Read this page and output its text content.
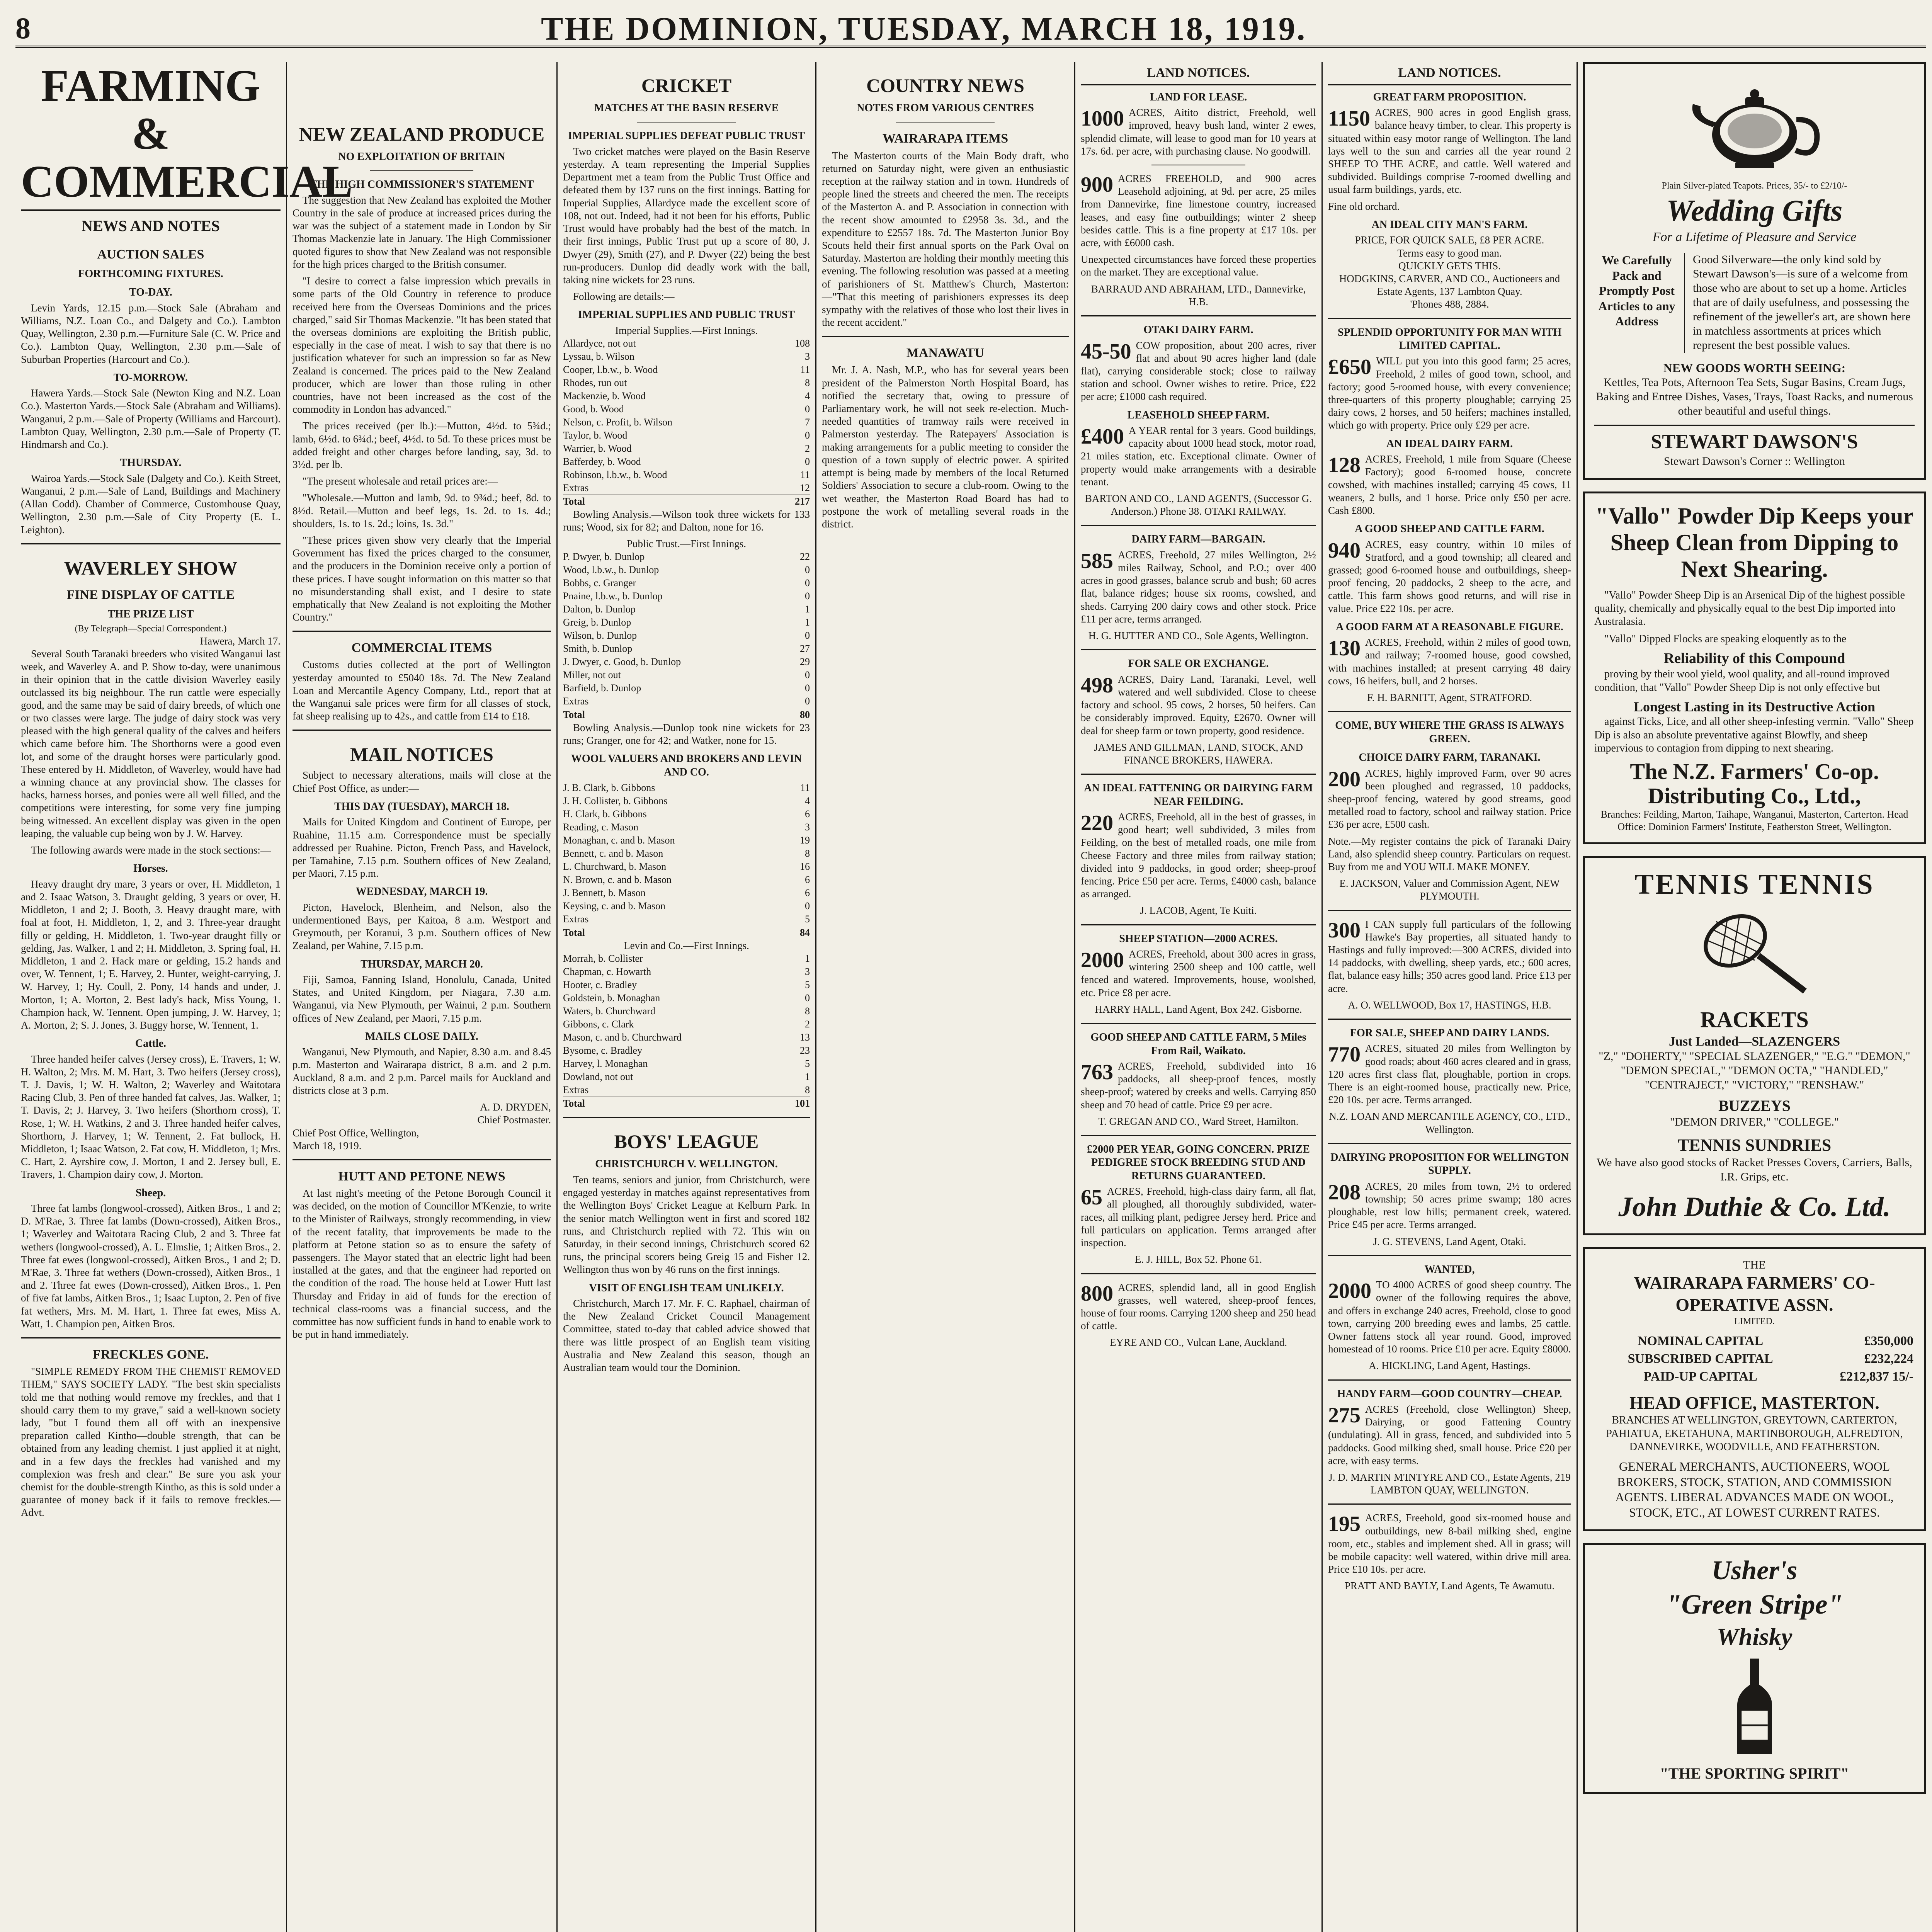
8	THE DOMINION, TUESDAY, MARCH 18, 1919.
FARMING & COMMERCIAL
NEWS AND NOTES
AUCTION SALES
FORTHCOMING FIXTURES.
TO-DAY.

Levin Yards, 12.15 p.m.—Stock Sale (Abraham and Williams, N.Z. Loan Co., and Dalgety and Co.). Lambton Quay, Wellington, 2.30 p.m.—Furniture Sale (C. W. Price and Co.). Lambton Quay, Wellington, 2.30 p.m.—Sale of Suburban Properties (Harcourt and Co.).

TO-MORROW.

Hawera Yards.—Stock Sale (Newton King and N.Z. Loan Co.). Masterton Yards.—Stock Sale (Abraham and Williams). Wanganui, 2 p.m.—Sale of Property (Williams and Harcourt). Lambton Quay, Wellington, 2.30 p.m.—Sale of Property (T. Hindmarsh and Co.).

THURSDAY.

Wairoa Yards.—Stock Sale (Dalgety and Co.). Keith Street, Wanganui, 2 p.m.—Sale of Land, Buildings and Machinery (Allan Codd). Chamber of Commerce, Customhouse Quay, Wellington, 2.30 p.m.—Sale of City Property (E. L. Leighton).

WAVERLEY SHOW
FINE DISPLAY OF CATTLE
THE PRIZE LIST
(By Telegraph—Special Correspondent.)
Hawera, March 17.

Several South Taranaki breeders who visited Wanganui last week, and Waverley A. and P. Show to-day, were unanimous in their opinion that in the cattle division Waverley easily outclassed its big neighbour. The run cattle were especially good, and the same may be said of dairy breeds, of which one or two classes were large. The judge of dairy stock was very pleased with the high general quality of the calves and heifers which came before him. The Shorthorns were a good even lot, and some of the draught horses were particularly good. These entered by H. Middleton, of Waverley, would have had a winning chance at any provincial show. The classes for hacks, harness horses, and ponies were all well filled, and the competitions were interesting, for some very fine jumping being witnessed. An excellent display was given in the open leaping, the valuable cup being won by J. W. Harvey.

The following awards were made in the stock sections:—

Horses.

Heavy draught dry mare, 3 years or over, H. Middleton, 1 and 2. Isaac Watson, 3. Draught gelding, 3 years or over, H. Middleton, 1 and 2; J. Booth, 3. Heavy draught mare, with foal at foot, H. Middleton, 1, 2, and 3. Three-year draught filly or gelding, H. Middleton, 1. Two-year draught filly or gelding, Jas. Walker, 1 and 2; H. Middleton, 3. Spring foal, H. Middleton, 1 and 2. Hack mare or gelding, 15.2 hands and over, W. Tennent, 1; E. Harvey, 2. Hunter, weight-carrying, J. W. Harvey, 1; Hy. Coull, 2. Pony, 14 hands and under, J. Morton, 1; A. Morton, 2. Best lady's hack, Miss Young, 1. Champion hack, W. Tennent. Open jumping, J. W. Harvey, 1; A. Morton, 2; S. J. Jones, 3. Buggy horse, W. Tennent, 1.

Cattle.

Three handed heifer calves (Jersey cross), E. Travers, 1; W. H. Walton, 2; Mrs. M. M. Hart, 3. Two heifers (Jersey cross), T. J. Davis, 1; W. H. Walton, 2; Waverley and Waitotara Racing Club, 3. Pen of three handed fat calves, Jas. Walker, 1; T. Davis, 2; J. Harvey, 3. Two heifers (Shorthorn cross), T. Rose, 1; W. H. Watkins, 2 and 3. Three handed heifer calves, Shorthorn, J. Harvey, 1; W. Tennent, 2. Fat bullock, H. Middleton, 1; Isaac Watson, 2. Fat cow, H. Middleton, 1; Mrs. C. Hart, 2. Ayrshire cow, J. Morton, 1 and 2. Jersey bull, E. Travers, 1. Champion dairy cow, J. Morton.

Sheep.

Three fat lambs (longwool-crossed), Aitken Bros., 1 and 2; D. M'Rae, 3. Three fat lambs (Down-crossed), Aitken Bros., 1; Waverley and Waitotara Racing Club, 2 and 3. Three fat wethers (longwool-crossed), A. L. Elmslie, 1; Aitken Bros., 2. Three fat ewes (longwool-crossed), Aitken Bros., 1 and 2; D. M'Rae, 3. Three fat wethers (Down-crossed), Aitken Bros., 1 and 2. Three fat ewes (Down-crossed), Aitken Bros., 1. Pen of five fat lambs, Aitken Bros., 1; Isaac Lupton, 2. Pen of five fat wethers, Mrs. M. M. Hart, 1. Three fat ewes, Miss A. Watt, 1. Champion pen, Aitken Bros.

FRECKLES GONE.

"SIMPLE REMEDY FROM THE CHEMIST REMOVED THEM," SAYS SOCIETY LADY. "The best skin specialists told me that nothing would remove my freckles, and that I should carry them to my grave," said a well-known society lady, "but I found them all off with an inexpensive preparation called Kintho—double strength, that can be obtained from any leading chemist. I just applied it at night, and in a few days the freckles had vanished and my complexion was fresh and clear." Be sure you ask your chemist for the double-strength Kintho, as this is sold under a guarantee of money back if it fails to remove freckles.—Advt.

NEW ZEALAND PRODUCE
NO EXPLOITATION OF BRITAIN
THE HIGH COMMISSIONER'S STATEMENT

The suggestion that New Zealand has exploited the Mother Country in the sale of produce at increased prices during the war was the subject of a statement made in London by Sir Thomas Mackenzie late in January. The High Commissioner quoted figures to show that New Zealand was not responsible for the high prices charged to the British consumer.

"I desire to correct a false impression which prevails in some parts of the Old Country in reference to produce received here from the Overseas Dominions and the prices charged," said Sir Thomas Mackenzie. "It has been stated that the overseas dominions are exploiting the British public, especially in the case of meat. I wish to say that there is no justification whatever for such an impression so far as New Zealand is concerned. The prices paid to the New Zealand producer, which are lower than those ruling in other countries, have not been increased as the cost of the commodity in London has advanced."

The prices received (per lb.):—Mutton, 4½d. to 5¾d.; lamb, 6½d. to 6¾d.; beef, 4½d. to 5d. To these prices must be added freight and other charges before landing, say, 3d. to 3½d. per lb.

"The present wholesale and retail prices are:—

"Wholesale.—Mutton and lamb, 9d. to 9¾d.; beef, 8d. to 8½d. Retail.—Mutton and beef legs, 1s. 2d. to 1s. 4d.; shoulders, 1s. to 1s. 2d.; loins, 1s. 3d."

"These prices given show very clearly that the Imperial Government has fixed the prices charged to the consumer, and the producers in the Dominion receive only a portion of these prices. I have sought information on this matter so that no misunderstanding shall exist, and I desire to state emphatically that New Zealand is not exploiting the Mother Country."

COMMERCIAL ITEMS

Customs duties collected at the port of Wellington yesterday amounted to £5040 18s. 7d. The New Zealand Loan and Mercantile Agency Company, Ltd., report that at the Wanganui sale prices were firm for all classes of stock, fat sheep realising up to 42s., and cattle from £14 to £18.

MAIL NOTICES

Subject to necessary alterations, mails will close at the Chief Post Office, as under:—

THIS DAY (TUESDAY), MARCH 18.

Mails for United Kingdom and Continent of Europe, per Ruahine, 11.15 a.m. Correspondence must be specially addressed per Ruahine. Picton, French Pass, and Havelock, per Tamahine, 7.15 p.m. Southern offices of New Zealand, per Maori, 7.15 p.m.

WEDNESDAY, MARCH 19.

Picton, Havelock, Blenheim, and Nelson, also the undermentioned Bays, per Kaitoa, 8 a.m. Westport and Greymouth, per Koranui, 3 p.m. Southern offices of New Zealand, per Wahine, 7.15 p.m.

THURSDAY, MARCH 20.

Fiji, Samoa, Fanning Island, Honolulu, Canada, United States, and United Kingdom, per Niagara, 7.30 a.m. Wanganui, via New Plymouth, per Wainui, 2 p.m. Southern offices of New Zealand, per Maori, 7.15 p.m.

MAILS CLOSE DAILY.

Wanganui, New Plymouth, and Napier, 8.30 a.m. and 8.45 p.m. Masterton and Wairarapa district, 8 a.m. and 2 p.m. Auckland, 8 a.m. and 2 p.m. Parcel mails for Auckland and districts close at 3 p.m.

A. D. DRYDEN,
Chief Postmaster.
Chief Post Office, Wellington,
March 18, 1919.
HUTT AND PETONE NEWS

At last night's meeting of the Petone Borough Council it was decided, on the motion of Councillor M'Kenzie, to write to the Minister of Railways, strongly recommending, in view of the recent fatality, that improvements be made to the platform at Petone station so as to ensure the safety of passengers. The Mayor stated that an electric light had been installed at the gates, and that the engineer had reported on the condition of the road. The house held at Lower Hutt last Thursday and Friday in aid of funds for the erection of technical class-rooms was a financial success, and the committee has now sufficient funds in hand to enable work to be put in hand immediately.

CRICKET
MATCHES AT THE BASIN RESERVE
IMPERIAL SUPPLIES DEFEAT PUBLIC TRUST

Two cricket matches were played on the Basin Reserve yesterday. A team representing the Imperial Supplies Department met a team from the Public Trust Office and defeated them by 137 runs on the first innings. Batting for Imperial Supplies, Allardyce made the excellent score of 108, not out. Indeed, had it not been for his efforts, Public Trust would have probably had the best of the match. In their first innings, Public Trust put up a score of 80, J. Dwyer (29), Smith (27), and P. Dwyer (22) being the best run-producers. Dunlop did deadly work with the ball, taking nine wickets for 23 runs.

Following are details:—

IMPERIAL SUPPLIES AND PUBLIC TRUST
Imperial Supplies.—First Innings.
Allardyce, not out	108
Lyssau, b. Wilson	3
Cooper, l.b.w., b. Wood	11
Rhodes, run out	8
Mackenzie, b. Wood	4
Good, b. Wood	0
Nelson, c. Profit, b. Wilson	7
Taylor, b. Wood	0
Warrier, b. Wood	2
Bafferdey, b. Wood	0
Robinson, l.b.w., b. Wood	11
Extras	12
Total	217

Bowling Analysis.—Wilson took three wickets for 133 runs; Wood, six for 82; and Dalton, none for 16.

Public Trust.—First Innings.
P. Dwyer, b. Dunlop	22
Wood, l.b.w., b. Dunlop	0
Bobbs, c. Granger	0
Pnaine, l.b.w., b. Dunlop	0
Dalton, b. Dunlop	1
Greig, b. Dunlop	1
Wilson, b. Dunlop	0
Smith, b. Dunlop	27
J. Dwyer, c. Good, b. Dunlop	29
Miller, not out	0
Barfield, b. Dunlop	0
Extras	0
Total	80

Bowling Analysis.—Dunlop took nine wickets for 23 runs; Granger, one for 42; and Watker, none for 15.

WOOL VALUERS AND BROKERS AND LEVIN AND CO.
J. B. Clark, b. Gibbons	11
J. H. Collister, b. Gibbons	4
H. Clark, b. Gibbons	6
Reading, c. Mason	3
Monaghan, c. and b. Mason	19
Bennett, c. and b. Mason	8
L. Churchward, b. Mason	16
N. Brown, c. and b. Mason	6
J. Bennett, b. Mason	6
Keysing, c. and b. Mason	0
Extras	5
Total	84
Levin and Co.—First Innings.
Morrah, b. Collister	1
Chapman, c. Howarth	3
Hooter, c. Bradley	5
Goldstein, b. Monaghan	0
Waters, b. Churchward	8
Gibbons, c. Clark	2
Mason, c. and b. Churchward	13
Bysome, c. Bradley	23
Harvey, l. Monaghan	5
Dowland, not out	1
Extras	8
Total	101
BOYS' LEAGUE
CHRISTCHURCH V. WELLINGTON.

Ten teams, seniors and junior, from Christchurch, were engaged yesterday in matches against representatives from the Wellington Boys' Cricket League at Kelburn Park. In the senior match Wellington went in first and scored 182 runs, and Christchurch replied with 72. This win on Saturday, in their second innings, Christchurch scored 62 runs, the principal scorers being Greig 15 and Fisher 12. Wellington thus won by 46 runs on the first innings.

VISIT OF ENGLISH TEAM UNLIKELY.

Christchurch, March 17. Mr. F. C. Raphael, chairman of the New Zealand Cricket Council Management Committee, stated to-day that cabled advice showed that there was little prospect of an English team visiting Australia and New Zealand this season, though an Australian team would tour the Dominion.

COUNTRY NEWS
NOTES FROM VARIOUS CENTRES
WAIRARAPA ITEMS

The Masterton courts of the Main Body draft, who returned on Saturday night, were given an enthusiastic reception at the railway station and in town. Hundreds of people lined the streets and cheered the men. The receipts of the Masterton A. and P. Association in connection with the recent show amounted to £2958 3s. 3d., and the expenditure to £2557 18s. 7d. The Masterton Junior Boy Scouts held their first annual sports on the Park Oval on Saturday. Masterton are holding their monthly meeting this evening. The following resolution was passed at a meeting of parishioners of St. Matthew's Church, Masterton:—"That this meeting of parishioners expresses its deep sympathy with the relatives of those who lost their lives in the recent accident."

MANAWATU

Mr. J. A. Nash, M.P., who has for several years been president of the Palmerston North Hospital Board, has notified the secretary that, owing to pressure of Parliamentary work, he will not seek re-election. Much-needed quantities of tramway rails were received in Palmerston yesterday. The Ratepayers' Association is making arrangements for a public meeting to consider the question of a town supply of electric power. A spirited attempt is being made by members of the local Returned Soldiers' Association to secure a club-room. Owing to the wet weather, the Masterton Road Board has had to postpone the work of metalling several roads in the district.

LAND NOTICES.
LAND FOR LEASE.

1000 ACRES, Aitito district, Freehold, well improved, heavy bush land, winter 2 ewes, splendid climate, will lease to good man for 10 years at 17s. 6d. per acre, with purchasing clause. No goodwill.

900 ACRES FREEHOLD, and 900 acres Leasehold adjoining, at 9d. per acre, 25 miles from Dannevirke, fine limestone country, increased leases, and easy fine outbuildings; winter 2 sheep besides cattle. This is a fine property at £17 10s. per acre, with £6000 cash.

Unexpected circumstances have forced these properties on the market. They are exceptional value.

BARRAUD AND ABRAHAM, LTD., Dannevirke, H.B.
OTAKI DAIRY FARM.

45-50 COW proposition, about 200 acres, river flat and about 90 acres higher land (dale flat), carrying considerable stock; close to railway station and school. Owner wishes to retire. Price, £22 per acre; £1000 cash required.

LEASEHOLD SHEEP FARM.

£400 A YEAR rental for 3 years. Good buildings, capacity about 1000 head stock, motor road, 21 miles station, etc. Exceptional climate. Owner of property would make arrangements with a desirable tenant.

BARTON AND CO., LAND AGENTS, (Successor G. Anderson.) Phone 38. OTAKI RAILWAY.
DAIRY FARM—BARGAIN.

585 ACRES, Freehold, 27 miles Wellington, 2½ miles Railway, School, and P.O.; over 400 acres in good grasses, balance scrub and bush; 60 acres flat, balance ridges; house six rooms, cowshed, and sheds. Carrying 200 dairy cows and other stock. Price £11 per acre, terms arranged.

H. G. HUTTER AND CO., Sole Agents, Wellington.
FOR SALE OR EXCHANGE.

498 ACRES, Dairy Land, Taranaki, Level, well watered and well subdivided. Close to cheese factory and school. 95 cows, 2 horses, 50 heifers. Can be considerably improved. Equity, £2670. Owner will deal for sheep farm or town property, good residence.

JAMES AND GILLMAN, LAND, STOCK, AND FINANCE BROKERS, HAWERA.
AN IDEAL FATTENING OR DAIRYING FARM NEAR FEILDING.

220 ACRES, Freehold, all in the best of grasses, in good heart; well subdivided, 3 miles from Feilding, on the best of metalled roads, one mile from Cheese Factory and three miles from railway station; divided into 9 paddocks, in good order; sheep-proof fencing. Price £50 per acre. Terms, £4000 cash, balance as arranged.

J. LACOB, Agent, Te Kuiti.
SHEEP STATION—2000 ACRES.

2000 ACRES, Freehold, about 300 acres in grass, wintering 2500 sheep and 100 cattle, well fenced and watered. Improvements, house, woolshed, etc. Price £8 per acre.

HARRY HALL, Land Agent, Box 242. Gisborne.
GOOD SHEEP AND CATTLE FARM, 5 Miles From Rail, Waikato.

763 ACRES, Freehold, subdivided into 16 paddocks, all sheep-proof fences, mostly sheep-proof; watered by creeks and wells. Carrying 850 sheep and 70 head of cattle. Price £9 per acre.

T. GREGAN AND CO., Ward Street, Hamilton.
£2000 PER YEAR, GOING CONCERN. PRIZE PEDIGREE STOCK BREEDING STUD AND RETURNS GUARANTEED.

65 ACRES, Freehold, high-class dairy farm, all flat, all ploughed, all thoroughly subdivided, water-races, all milking plant, pedigree Jersey herd. Price and full particulars on application. Terms arranged after inspection.

E. J. HILL, Box 52. Phone 61.

800 ACRES, splendid land, all in good English grasses, well watered, sheep-proof fences, house of four rooms. Carrying 1200 sheep and 250 head of cattle.

EYRE AND CO., Vulcan Lane, Auckland.
LAND NOTICES.
GREAT FARM PROPOSITION.

1150 ACRES, 900 acres in good English grass, balance heavy timber, to clear. This property is situated within easy motor range of Wellington. The land lays well to the sun and carries all the year round 2 SHEEP TO THE ACRE, and cattle. Well watered and subdivided. Buildings comprise 7-roomed dwelling and usual farm buildings, yards, etc.

Fine old orchard.

AN IDEAL CITY MAN'S FARM.
PRICE, FOR QUICK SALE, £8 PER ACRE.
Terms easy to good man.
QUICKLY GETS THIS.
HODGKINS, CARVER, AND CO., Auctioneers and Estate Agents, 137 Lambton Quay.
'Phones 488, 2884.
SPLENDID OPPORTUNITY FOR MAN WITH LIMITED CAPITAL.

£650 WILL put you into this good farm; 25 acres, Freehold, 2 miles of good town, school, and factory; good 5-roomed house, with every convenience; three-quarters of this property ploughable; carrying 25 dairy cows, 2 horses, and 50 heifers; machines installed, which go with property. Price only £29 per acre.

AN IDEAL DAIRY FARM.

128 ACRES, Freehold, 1 mile from Square (Cheese Factory); good 6-roomed house, concrete cowshed, with machines installed; carrying 45 cows, 11 weaners, 2 bulls, and 1 horse. Price only £50 per acre. Cash £800.

A GOOD SHEEP AND CATTLE FARM.

940 ACRES, easy country, within 10 miles of Stratford, and a good township; all cleared and grassed; good 6-roomed house and outbuildings, sheep-proof fencing, 20 paddocks, 2 sheep to the acre, and cattle. This farm shows good returns, and will rise in value. Price £22 10s. per acre.

A GOOD FARM AT A REASONABLE FIGURE.

130 ACRES, Freehold, within 2 miles of good town, and railway; 7-roomed house, good cowshed, with machines installed; at present carrying 48 dairy cows, 16 heifers, bull, and 2 horses.

F. H. BARNITT, Agent, STRATFORD.
COME, BUY WHERE THE GRASS IS ALWAYS GREEN.
CHOICE DAIRY FARM, TARANAKI.

200 ACRES, highly improved Farm, over 90 acres been ploughed and regrassed, 10 paddocks, sheep-proof fencing, watered by good streams, good metalled road to factory, school and railway station. Price £36 per acre, £500 cash.

Note.—My register contains the pick of Taranaki Dairy Land, also splendid sheep country. Particulars on request. Buy from me and YOU WILL MAKE MONEY.

E. JACKSON, Valuer and Commission Agent, NEW PLYMOUTH.

300 I CAN supply full particulars of the following Hawke's Bay properties, all situated handy to Hastings and fully improved:—300 ACRES, divided into 14 paddocks, with dwelling, sheep yards, etc.; 600 acres, flat, balance easy hills; 350 acres good land. Price £13 per acre.

A. O. WELLWOOD, Box 17, HASTINGS, H.B.
FOR SALE, SHEEP AND DAIRY LANDS.

770 ACRES, situated 20 miles from Wellington by good roads; about 460 acres cleared and in grass, 120 acres first class flat, ploughable, portion in crops. There is an eight-roomed house, practically new. Price, £20 10s. per acre. Terms arranged.

N.Z. LOAN AND MERCANTILE AGENCY, CO., LTD., Wellington.
DAIRYING PROPOSITION FOR WELLINGTON SUPPLY.

208 ACRES, 20 miles from town, 2½ to ordered township; 50 acres prime swamp; 180 acres ploughable, rest low hills; permanent creek, watered. Price £45 per acre. Terms arranged.

J. G. STEVENS, Land Agent, Otaki.
WANTED,

2000 TO 4000 ACRES of good sheep country. The owner of the following requires the above, and offers in exchange 240 acres, Freehold, close to good town, carrying 200 breeding ewes and lambs, 25 cattle. Owner fattens stock all year round. Good, improved homestead of 10 rooms. Price £10 per acre. Equity £8000.

A. HICKLING, Land Agent, Hastings.
HANDY FARM—GOOD COUNTRY—CHEAP.

275 ACRES (Freehold, close Wellington) Sheep, Dairying, or good Fattening Country (undulating). All in grass, fenced, and subdivided into 5 paddocks. Good milking shed, small house. Price £20 per acre, with easy terms.

J. D. MARTIN M'INTYRE AND CO., Estate Agents, 219 LAMBTON QUAY, WELLINGTON.

195 ACRES, Freehold, good six-roomed house and outbuildings, new 8-bail milking shed, engine room, etc., stables and implement shed. All in grass; will be mobile capacity: well watered, within drive mill area. Price £10 10s. per acre.

PRATT AND BAYLY, Land Agents, Te Awamutu.
Plain Silver-plated Teapots. Prices, 35/- to £2/10/-
Wedding Gifts
For a Lifetime of Pleasure and Service
We Carefully Pack and Promptly Post Articles to any Address
Good Silverware—the only kind sold by Stewart Dawson's—is sure of a welcome from those who are about to set up a home. Articles that are of daily usefulness, and possessing the refinement of the jeweller's art, are shown here in matchless assortments at prices which represent the best possible values.
NEW GOODS WORTH SEEING:
Kettles, Tea Pots, Afternoon Tea Sets, Sugar Basins, Cream Jugs, Baking and Entree Dishes, Vases, Trays, Toast Racks, and numerous other beautiful and useful things.
STEWART DAWSON'S
Stewart Dawson's Corner :: Wellington
"Vallo" Powder Dip Keeps your Sheep Clean from Dipping to Next Shearing.

"Vallo" Powder Sheep Dip is an Arsenical Dip of the highest possible quality, chemically and physically equal to the best Dip imported into Australasia.

"Vallo" Dipped Flocks are speaking eloquently as to the

Reliability of this Compound

proving by their wool yield, wool quality, and all-round improved condition, that "Vallo" Powder Sheep Dip is not only effective but

Longest Lasting in its Destructive Action

against Ticks, Lice, and all other sheep-infesting vermin. "Vallo" Sheep Dip is also an absolute preventative against Blowfly, and sheep impervious to contagion from dipping to next shearing.

The N.Z. Farmers' Co-op. Distributing Co., Ltd.,
Branches: Feilding, Marton, Taihape, Wanganui, Masterton, Carterton. Head Office: Dominion Farmers' Institute, Featherston Street, Wellington.
TENNIS TENNIS
RACKETS
Just Landed—SLAZENGERS
"Z," "DOHERTY," "SPECIAL SLAZENGER," "E.G." "DEMON," "DEMON SPECIAL," "DEMON OCTA," "HANDLED," "CENTRAJECT," "VICTORY," "RENSHAW."
BUZZEYS
"DEMON DRIVER," "COLLEGE."
TENNIS SUNDRIES
We have also good stocks of Racket Presses Covers, Carriers, Balls, I.R. Grips, etc.
John Duthie & Co. Ltd.
THE
WAIRARAPA FARMERS' CO-OPERATIVE ASSN.
LIMITED.
NOMINAL CAPITAL	£350,000
SUBSCRIBED CAPITAL	£232,224
PAID-UP CAPITAL	£212,837 15/-
HEAD OFFICE, MASTERTON.
BRANCHES AT WELLINGTON, GREYTOWN, CARTERTON, PAHIATUA, EKETAHUNA, MARTINBOROUGH, ALFREDTON, DANNEVIRKE, WOODVILLE, AND FEATHERSTON.
GENERAL MERCHANTS, AUCTIONEERS, WOOL BROKERS, STOCK, STATION, AND COMMISSION AGENTS. LIBERAL ADVANCES MADE ON WOOL, STOCK, ETC., AT LOWEST CURRENT RATES.
Usher's
"Green Stripe"
Whisky
"THE SPORTING SPIRIT"
